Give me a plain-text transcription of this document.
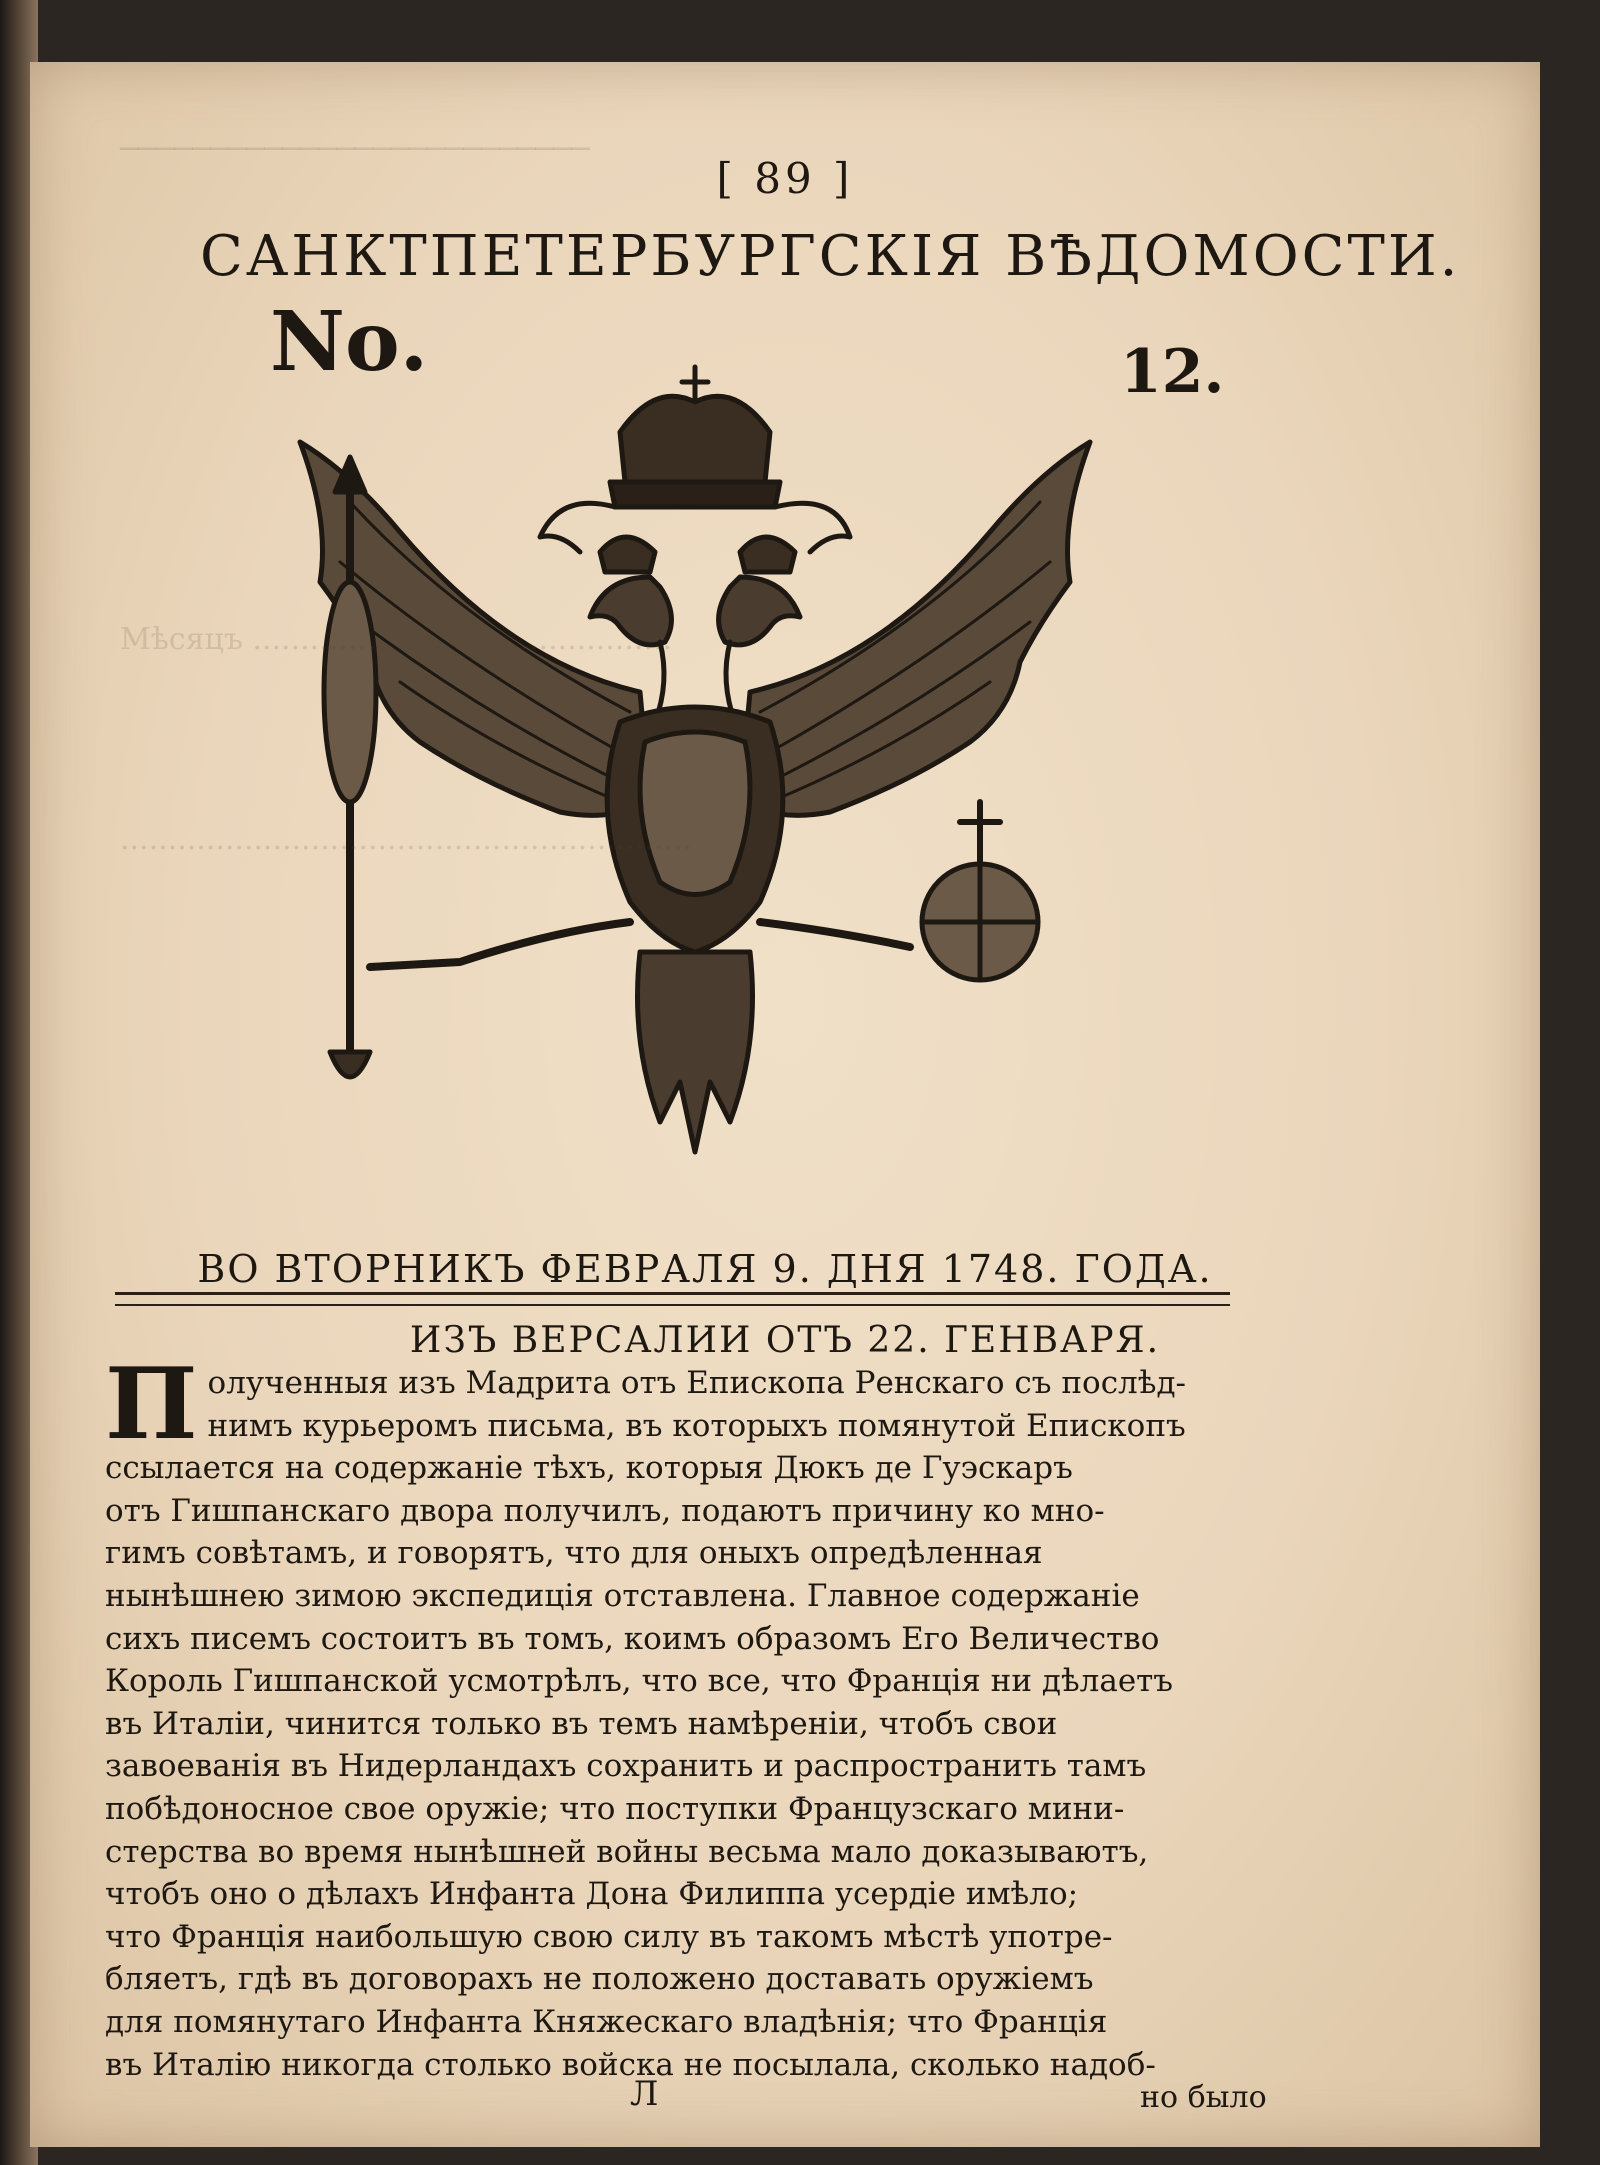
──────────────────────────
[ 89 ]
САНКТПЕТЕРБУРГСКІЯ ВѢДОМОСТИ.
Nо.	12.
Мѣсяцъ ............................................
............................................................
ВО ВТОРНИКЪ ФЕВРАЛЯ 9. ДНЯ 1748. ГОДА.
ИЗЪ ВЕРСАЛИИ ОТЪ 22. ГЕНВАРЯ.
П олученныя изъ Мадрита отъ Епископа Ренскаго съ послѣд-
нимъ курьеромъ письма, въ которыхъ помянутой Епископъ
ссылается на содержаніе тѣхъ, которыя Дюкъ де Гуэскаръ
отъ Гишпанскаго двора получилъ, подаютъ причину ко мно-
гимъ совѣтамъ, и говорятъ, что для оныхъ опредѣленная
нынѣшнею зимою экспедиція отставлена. Главное содержаніе
сихъ писемъ состоитъ въ томъ, коимъ образомъ Его Величество
Король Гишпанской усмотрѣлъ, что все, что Франція ни дѣлаетъ
въ Италіи, чинится только въ темъ намѣреніи, чтобъ свои
завоеванія въ Нидерландахъ сохранить и распространить тамъ
побѣдоносное свое оружіе; что поступки Французскаго мини-
стерства во время нынѣшней войны весьма мало доказываютъ,
чтобъ оно о дѣлахъ Инфанта Дона Филиппа усердіе имѣло;
что Франція наибольшую свою силу въ такомъ мѣстѣ употре-
бляетъ, гдѣ въ договорахъ не положено доставать оружіемъ
для помянутаго Инфанта Княжескаго владѣнія; что Франція
въ Италію никогда столько войска не посылала, сколько надоб-
Л	но было
